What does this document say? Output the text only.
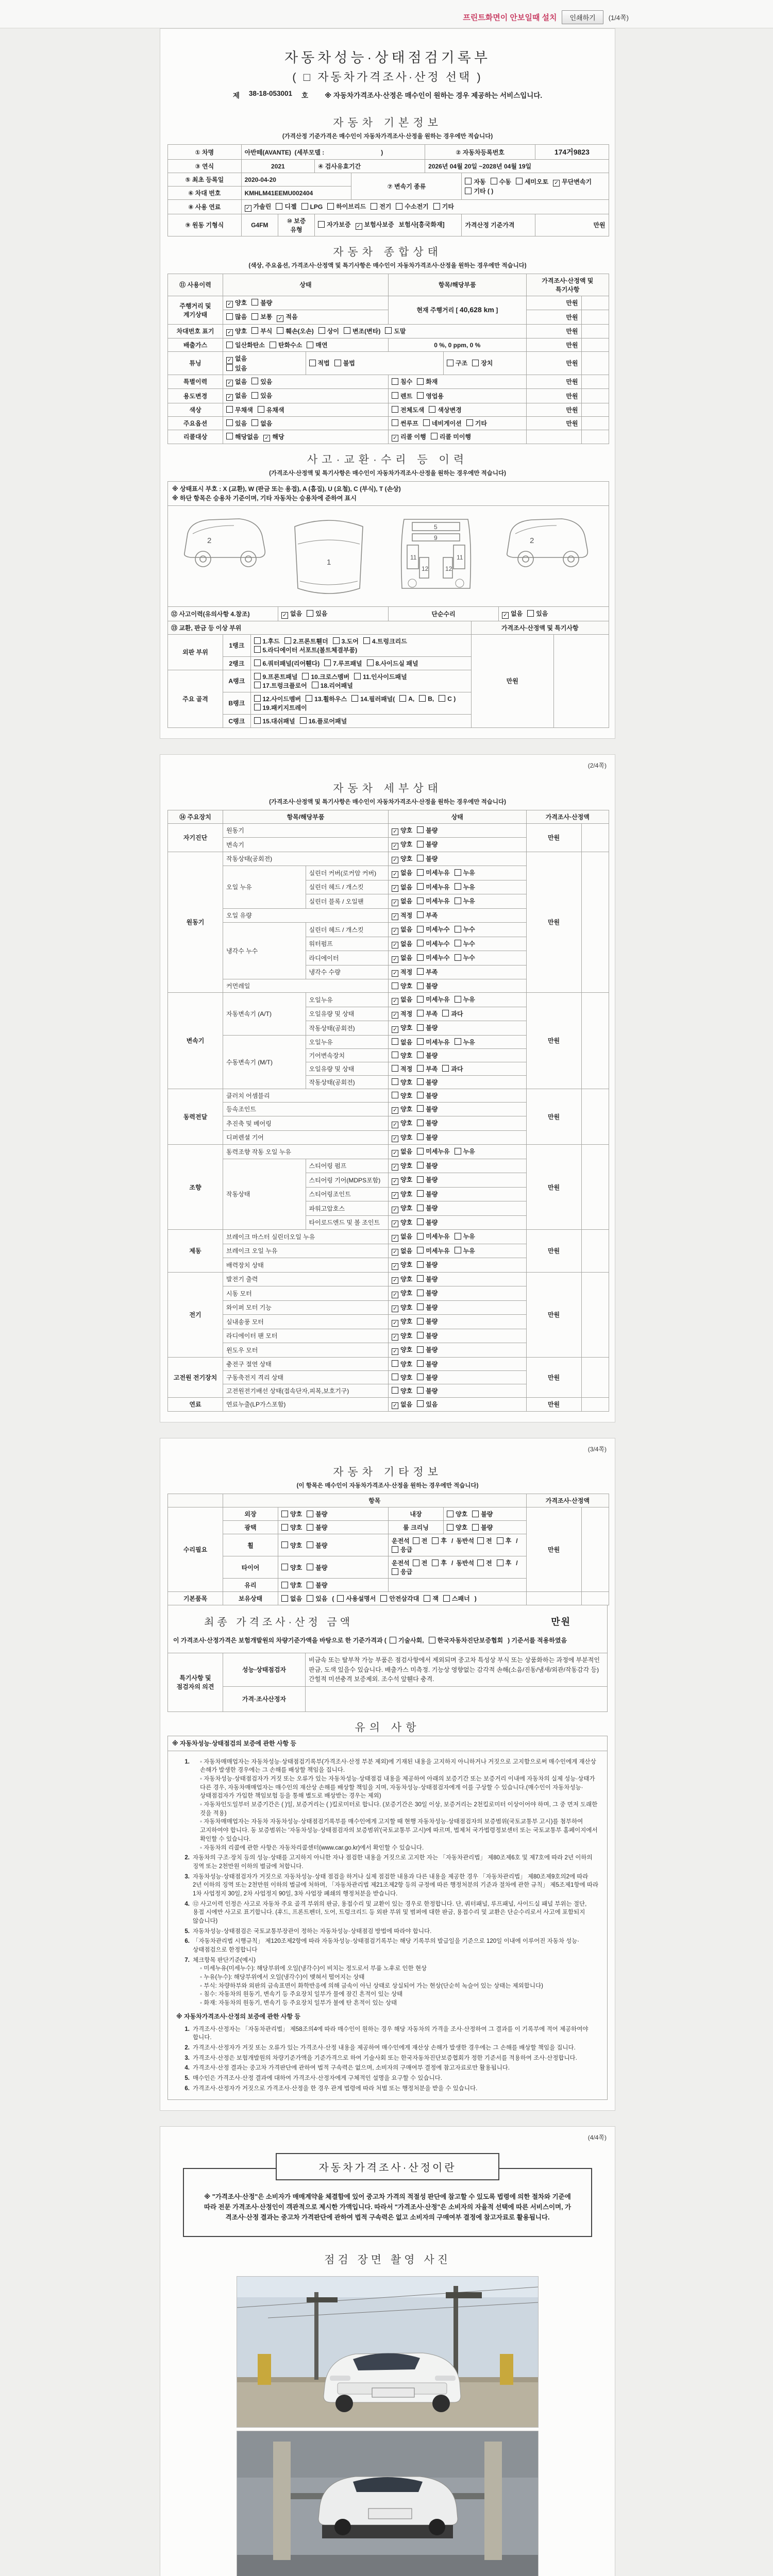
프린트화면이 안보일때 설치	인쇄하기	(1/4쪽)
자동차성능·상태점검기록부
( □ 자동차가격조사·산정 선택 )
제 38-18-053001 호 ※ 자동차가격조사·산정은 매수인이 원하는 경우 제공하는 서비스입니다.
자동차 기본정보
(가격산정 기준가격은 매수인이 자동차가격조사·산정을 원하는 경우에만 적습니다)
① 차명	아반떼(AVANTE) (세부모델 : )				② 자동차등록번호		174거9823
③ 연식	2021		④ 검사유효기간		2026년 04월 20일 ~2028년 04월 19일		
⑤ 최초 등록일	2020-04-20			⑦ 변속기 종류		자동 수동 세미오토 ✓ 무단변속기
기타 ( )	
⑥ 차대 번호	KMHLM41EEMU002404						
⑧ 사용 연료	✓ 가솔린 디젤 LPG 하이브리드 전기 수소전기 기타						
⑨ 원동 기형식	G4FM	⑩ 보증 유형	자가보증 ✓ 보험사보증 보험사[흥국화재]			가격산정 기준가격	만원
자동차 종합상태
(색상, 주요옵션, 가격조사·산정액 및 특기사항은 매수인이 자동차가격조사·산정을 원하는 경우에만 적습니다)
⑪ 사용이력	상태		항목/해당부품		가격조사·산정액 및 특기사항	
주행거리 및 계기상태	✓ 양호 불량		현재 주행거리 [ 40,628 km ]		만원	
	많음 보통 ✓ 적음				만원	
차대번호 표기	✓ 양호 부식 훼손(오손) 상이 변조(변타) 도말				만원	
배출가스	일산화탄소 탄화수소 매연		0 %, 0 ppm, 0 %		만원	
튜닝	✓ 없음
있음	적법 불법		구조 장치	만원	
특별이력	✓ 없음 있음		침수 화재		만원	
용도변경	✓ 없음 있음		렌트 영업용		만원	
색상	무채색 유채색		전체도색 색상변경		만원	
주요옵션	있음 없음		썬루프 네비게이션 기타		만원	
리콜대상	해당없음 ✓ 해당		✓ 리콜 이행 리콜 미이행			
사고·교환·수리 등 이력
(가격조사·산정액 및 특기사항은 매수인이 자동차가격조사·산정을 원하는 경우에만 적습니다)
※ 상태표시 부호 : X (교환), W (판금 또는 용접), A (흠집), U (요철), C (부식), T (손상)
※ 하단 항목은 승용차 기준이며, 기타 자동차는 승용차에 준하여 표시							

2
1
5
9
11	11
12	12
2

⑫ 사고이력(유의사항 4.참조)			✓ 없음 있음	단순수리		✓ 없음 있음	
⑬ 교환, 판금 등 이상 부위					가격조사·산정액 및 특기사항		
외판 부위	1랭크	1.후드 2.프론트휀더 3.도어 4.트렁크리드5.라디에이터 서포트(볼트체결부품)			만원		
	2랭크	6.쿼터패널(리어휀다) 7.루프패널 8.사이드실 패널					
주요 골격	A랭크	9.프론트패널 10.크로스멤버 11.인사이드패널17.트렁크플로어 18.리어패널					
	B랭크	12.사이드멤버 13.휠하우스 14.필러패널( A, B, C )19.패키지트레이					
	C랭크	15.대쉬패널 16.플로어패널					
(2/4쪽)
자동차 세부상태
(가격조사·산정액 및 특기사항은 매수인이 자동차가격조사·산정을 원하는 경우에만 적습니다)
⑭ 주요장치	항목/해당부품		상태	가격조사·산정액	
자기진단	원동기		✓ 양호 불량	만원	
	변속기		✓ 양호 불량		
원동기	작동상태(공회전)		✓ 양호 불량	만원	
	오일 누유	실린더 커버(로커암 커버)	✓ 없음 미세누유 누유		
		실린더 헤드 / 개스킷	✓ 없음 미세누유 누유		
		실린더 블록 / 오일팬	✓ 없음 미세누유 누유		
	오일 유량		✓ 적정 부족		
	냉각수 누수	실린더 헤드 / 개스킷	✓ 없음 미세누수 누수		
		워터펌프	✓ 없음 미세누수 누수		
		라디에이터	✓ 없음 미세누수 누수		
		냉각수 수량	✓ 적정 부족		
	커먼레일		양호 불량		
변속기	자동변속기 (A/T)	오일누유	✓ 없음 미세누유 누유	만원	
		오일유량 및 상태	✓ 적정 부족 과다		
		작동상태(공회전)	✓ 양호 불량		
	수동변속기 (M/T)	오일누유	없음 미세누유 누유		
		기어변속장치	양호 불량		
		오일유량 및 상태	적정 부족 과다		
		작동상태(공회전)	양호 불량		
동력전달	클러치 어셈블리		양호 불량	만원	
	등속조인트		✓ 양호 불량		
	추진축 및 베어링		✓ 양호 불량		
	디퍼렌셜 기어		✓ 양호 불량		
조향	동력조향 작동 오일 누유		✓ 없음 미세누유 누유	만원	
	작동상태	스티어링 펌프	✓ 양호 불량		
		스티어링 기어(MDPS포함)	✓ 양호 불량		
		스티어링조인트	✓ 양호 불량		
		파워고압호스	✓ 양호 불량		
		타이로드엔드 및 볼 조인트	✓ 양호 불량		
제동	브레이크 마스터 실린더오일 누유		✓ 없음 미세누유 누유	만원	
	브레이크 오일 누유		✓ 없음 미세누유 누유		
	배력장치 상태		✓ 양호 불량		
전기	발전기 출력		✓ 양호 불량	만원	
	시동 모터		✓ 양호 불량		
	와이퍼 모터 기능		✓ 양호 불량		
	실내송풍 모터		✓ 양호 불량		
	라디에이터 팬 모터		✓ 양호 불량		
	윈도우 모터		✓ 양호 불량		
고전원 전기장치	충전구 절연 상태		양호 불량	만원	
	구동축전지 격리 상태		양호 불량		
	고전원전기배선 상태(접속단자,피복,보호기구)		양호 불량		
연료	연료누출(LP가스포함)		✓ 없음 있음	만원	
(3/4쪽)
자동차 기타정보
(이 항목은 매수인이 자동차가격조사·산정을 원하는 경우에만 적습니다)
	항목				가격조사·산정액	
수리필요	외장	양호 불량	내장	양호 불량	만원	
	광택	양호 불량	룸 크리닝	양호 불량		
	휠	양호 불량	운전석 전 후 / 동반석 전 후 /응급			
	타이어	양호 불량	운전석 전 후 / 동반석 전 후 /응급			
	유리	양호 불량				
기본품목	보유상태	없음 있음 ( 사용설명서 안전삼각대 잭 스패너 )				
최종 가격조사·산정 금액	만원
이 가격조사·산정가격은 보험개발원의 차량기준가액을 바탕으로 한 기준가격과 ( 기술사회, 한국자동차진단보증협회 ) 기준서를 적용하였음
특기사항 및 점검자의 의견	성능·상태점검자	비금속 또는 탈부착 가능 부품은 점검사항에서 제외되며 중고차 특성상 부식 또는 상품화하는 과정에 부분적인 판금, 도색 있을수 있습니다. 배출가스 미측정. 기능상 영향없는 감각적 손해(소음/진동/냄새/외관/작동감각 등) 간헐적 미션충격 보증제외. 조수석 앞휀다 충격.
	가격·조사산정자	
유의 사항
※ 자동차성능·상태점검의 보증에 관한 사항 등

1. ◦ 자동차매매업자는 자동차성능·상태점검기록부(가격조사·산정 부분 제외)에 기재된 내용을 고지하지 아니하거나 거짓으로 고지함으로써 매수인에게 재산상 손해가 발생한 경우에는 그 손해를 배상할 책임을 집니다.
◦ 자동차성능·상태점검자가 거짓 또는 오류가 있는 자동차성능·상태점검 내용을 제공하여 아래의 보증기간 또는 보증거리 이내에 자동차의 실제 성능·상태가 다른 경우, 자동차매매업자는 매수인의 재산상 손해를 배상할 책임을 지며, 자동차성능·상태점검자에게 이를 구상할 수 있습니다.(매수인이 자동차성능·상태점검자가 가입한 책임보험 등을 통해 별도로 배상받는 경우는 제외)
◦ 자동차인도일부터 보증기간은 ( )일, 보증거리는 ( )킬로미터로 합니다. (보증기간은 30일 이상, 보증거리는 2천킬로미터 이상이어야 하며, 그 중 먼저 도래한 것을 적용)
◦ 자동차매매업자는 자동차 자동차성능·상태점검기록부를 매수인에게 고지할 때 현행 자동차성능·상태점검자의 보증범위(국토교통부 고시)를 첨부하여 고지하여야 합니다. 동 보증범위는 '자동차성능·상태점검자의 보증범위'(국토교통부 고시)에 따르며, 법제처 국가법령정보센터 또는 국토교통부 홈페이지에서 확인할 수 있습니다.
◦ 자동차의 리콜에 관한 사항은 자동차리콜센터(www.car.go.kr)에서 확인할 수 있습니다.
2. 자동차의 구조·장치 등의 성능·상태를 고지하지 아니한 자나 점검한 내용을 거짓으로 고지한 자는 「자동차관리법」 제80조제6호 및 제7호에 따라 2년 이하의 징역 또는 2천만원 이하의 벌금에 처합니다.
3. 자동차성능·상태점검자가 거짓으로 자동차성능·상태 점검을 하거나 실제 점검한 내용과 다른 내용을 제공한 경우 「자동차관리법」 제80조제9호의2에 따라 2년 이하의 징역 또는 2천만원 이하의 벌금에 처하며, 「자동차관리법 제21조제2항 등의 규정에 따른 행정처분의 기준과 절차에 관한 규칙」 제5조제1항에 따라 1차 사업정지 30일, 2차 사업정지 90일, 3차 사업장 폐쇄의 행정처분을 받습니다.
4. ⑫ 사고이력 인정은 사고로 자동차 주요 골격 부위의 판금, 용접수리 및 교환이 있는 경우로 한정합니다. 단, 쿼터패널, 루프패널, 사이드실 패널 부위는 절단, 용접 시에만 사고로 표기합니다. (후드, 프론트펜더, 도어, 트렁크리드 등 외판 부위 및 범퍼에 대한 판금, 용접수리 및 교환은 단순수리로서 사고에 포함되지 않습니다)
5. 자동차성능·상태점검은 국토교통부장관이 정하는 자동차성능·상태점검 방법에 따라야 합니다.
6. 「자동차관리법 시행규칙」 제120조제2항에 따라 자동차성능·상태점검기록부는 해당 기록부의 발급일을 기준으로 120일 이내에 이루어진 자동차 성능·상태점검으로 한정합니다
7. 체크항목 판단기준(예시)
◦ 미세누유(미세누수): 해당부위에 오일(냉각수)이 비치는 정도로서 부품 노후로 인한 현상
◦ 누유(누수): 해당부위에서 오일(냉각수)이 맺혀서 떨어지는 상태
◦ 부식: 차량하부와 외판의 금속표면이 화학반응에 의해 금속이 아닌 상태로 상실되어 가는 현상(단순히 녹슬어 있는 상태는 제외합니다)
◦ 침수: 자동차의 원동기, 변속기 등 주요장치 일부가 물에 잠긴 흔적이 있는 상태
◦ 화재: 자동차의 원동기, 변속기 등 주요장치 일부가 불에 탄 흔적이 있는 상태
※ 자동차가격조사·산정의 보증에 관한 사항 등
1. 가격조사·산정자는 「자동차관리법」 제58조의4에 따라 매수인이 원하는 경우 해당 자동차의 가격을 조사·산정하여 그 결과를 이 기록부에 적어 제공하여야 합니다.
2. 가격조사·산정자가 거짓 또는 오류가 있는 가격조사·산정 내용을 제공하여 매수인에게 재산상 손해가 발생한 경우에는 그 손해를 배상할 책임을 집니다.
3. 가격조사·산정은 보험개발원의 차량기준가액을 기준가격으로 하여 기술사회 또는 한국자동차진단보증협회가 정한 기준서를 적용하여 조사·산정합니다.
4. 가격조사·산정 결과는 중고차 가격판단에 관하여 법적 구속력은 없으며, 소비자의 구매여부 결정에 참고자료로만 활용됩니다.
5. 매수인은 가격조사·산정 결과에 대하여 가격조사·산정자에게 구체적인 설명을 요구할 수 있습니다.
6. 가격조사·산정자가 거짓으로 가격조사·산정을 한 경우 관계 법령에 따라 처벌 또는 행정처분을 받을 수 있습니다.
(4/4쪽)
자동차가격조사·산정이란
※ "가격조사·산정"은 소비자가 매매계약을 체결함에 있어 중고차 가격의 적절성 판단에 참고할 수 있도록 법령에 의한 절차와 기준에 따라 전문 가격조사·산정인이 객관적으로 제시한 가액입니다. 따라서 "가격조사·산정"은 소비자의 자율적 선택에 따른 서비스이며, 가격조사·산정 결과는 중고차 가격판단에 관하여 법적 구속력은 없고 소비자의 구매여부 결정에 참고자료로 활용됩니다.
점검 장면 촬영 사진
